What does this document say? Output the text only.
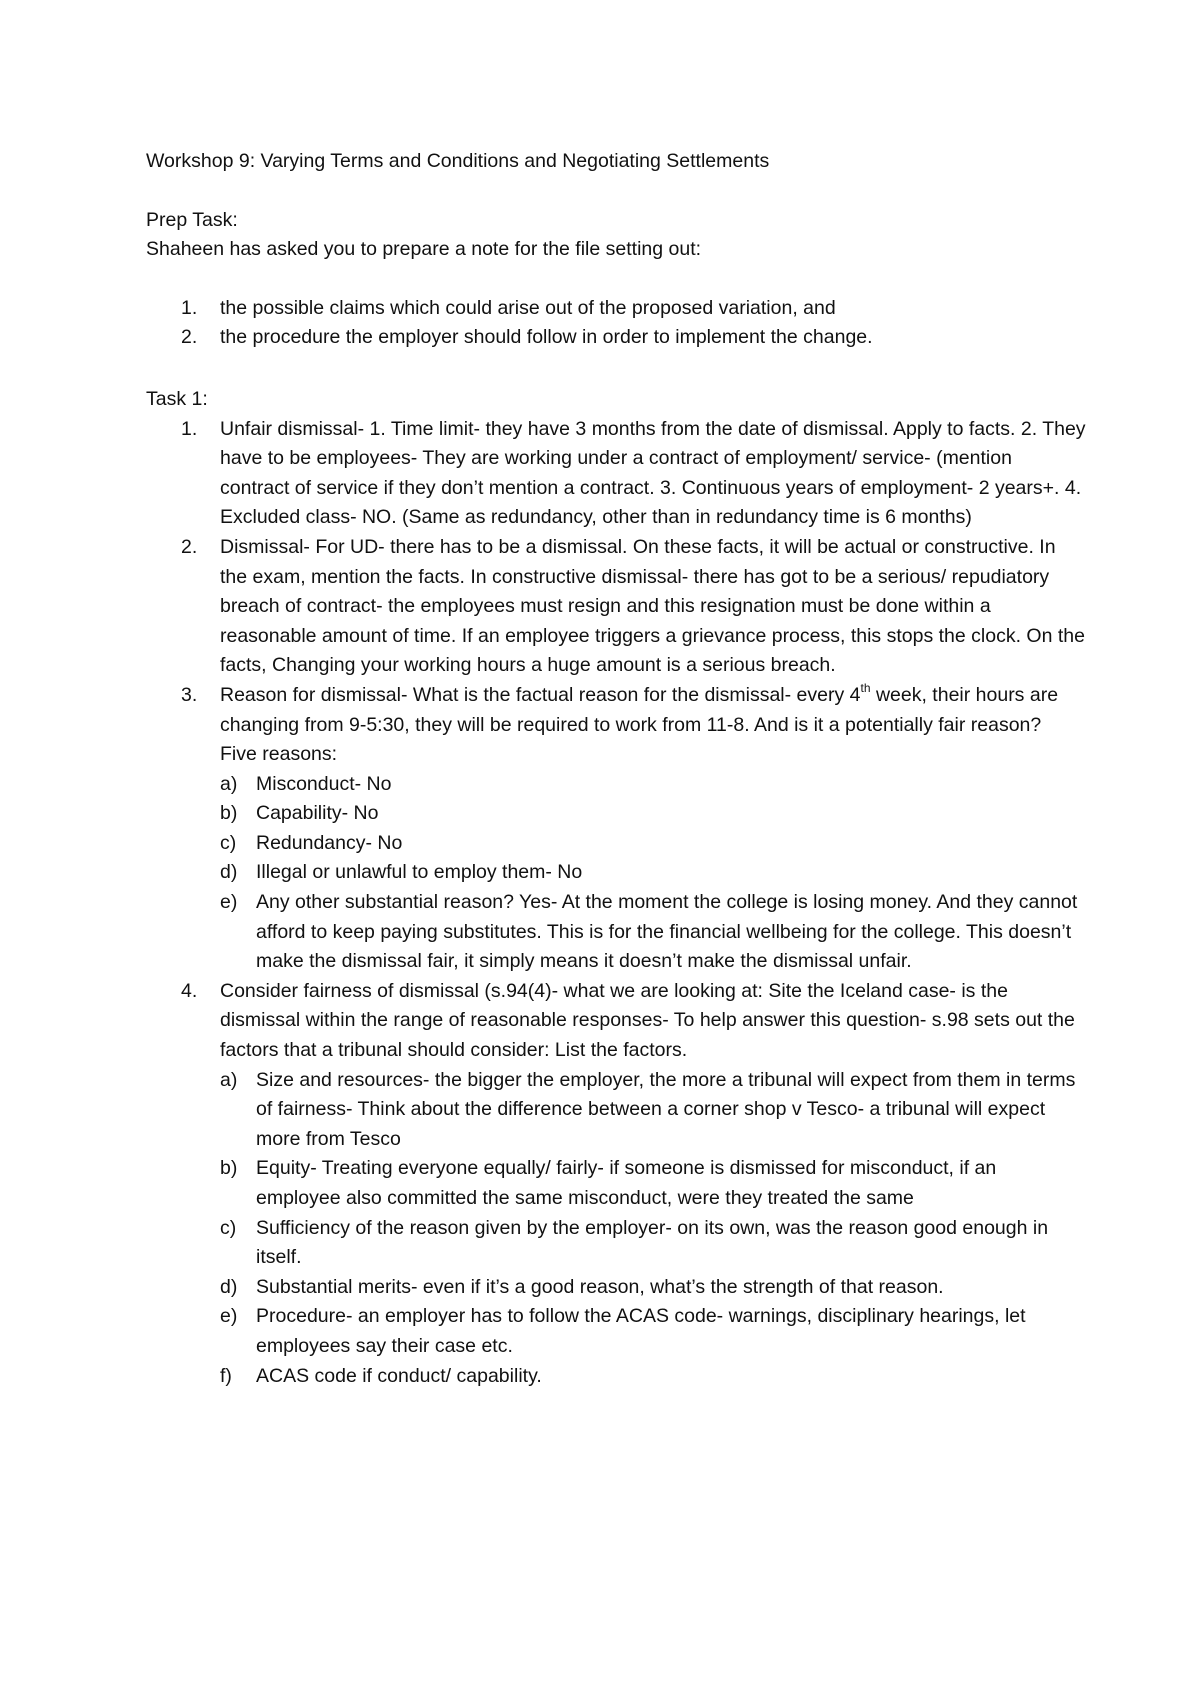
Workshop 9: Varying Terms and Conditions and Negotiating Settlements
Prep Task:
Shaheen has asked you to prepare a note for the file setting out:
1. the possible claims which could arise out of the proposed variation, and
2. the procedure the employer should follow in order to implement the change.
Task 1:
1. Unfair dismissal- 1. Time limit- they have 3 months from the date of dismissal. Apply to facts. 2. They have to be employees- They are working under a contract of employment/ service- (mention contract of service if they don’t mention a contract. 3. Continuous years of employment- 2 years+. 4. Excluded class- NO. (Same as redundancy, other than in redundancy time is 6 months)
2. Dismissal- For UD- there has to be a dismissal. On these facts, it will be actual or constructive. In the exam, mention the facts. In constructive dismissal- there has got to be a serious/ repudiatory breach of contract- the employees must resign and this resignation must be done within a reasonable amount of time. If an employee triggers a grievance process, this stops the clock. On the facts, Changing your working hours a huge amount is a serious breach.
3. Reason for dismissal- What is the factual reason for the dismissal- every 4th week, their hours are changing from 9-5:30, they will be required to work from 11-8. And is it a potentially fair reason?
Five reasons:
a) Misconduct- No
b) Capability- No
c) Redundancy- No
d) Illegal or unlawful to employ them- No
e) Any other substantial reason? Yes- At the moment the college is losing money. And they cannot afford to keep paying substitutes. This is for the financial wellbeing for the college. This doesn’t make the dismissal fair, it simply means it doesn’t make the dismissal unfair.
4. Consider fairness of dismissal (s.94(4)- what we are looking at: Site the Iceland case- is the dismissal within the range of reasonable responses- To help answer this question- s.98 sets out the factors that a tribunal should consider: List the factors.
a) Size and resources- the bigger the employer, the more a tribunal will expect from them in terms of fairness- Think about the difference between a corner shop v Tesco- a tribunal will expect more from Tesco
b) Equity- Treating everyone equally/ fairly- if someone is dismissed for misconduct, if an employee also committed the same misconduct, were they treated the same
c) Sufficiency of the reason given by the employer- on its own, was the reason good enough in itself.
d) Substantial merits- even if it’s a good reason, what’s the strength of that reason.
e) Procedure- an employer has to follow the ACAS code- warnings, disciplinary hearings, let employees say their case etc.
f) ACAS code if conduct/ capability.
